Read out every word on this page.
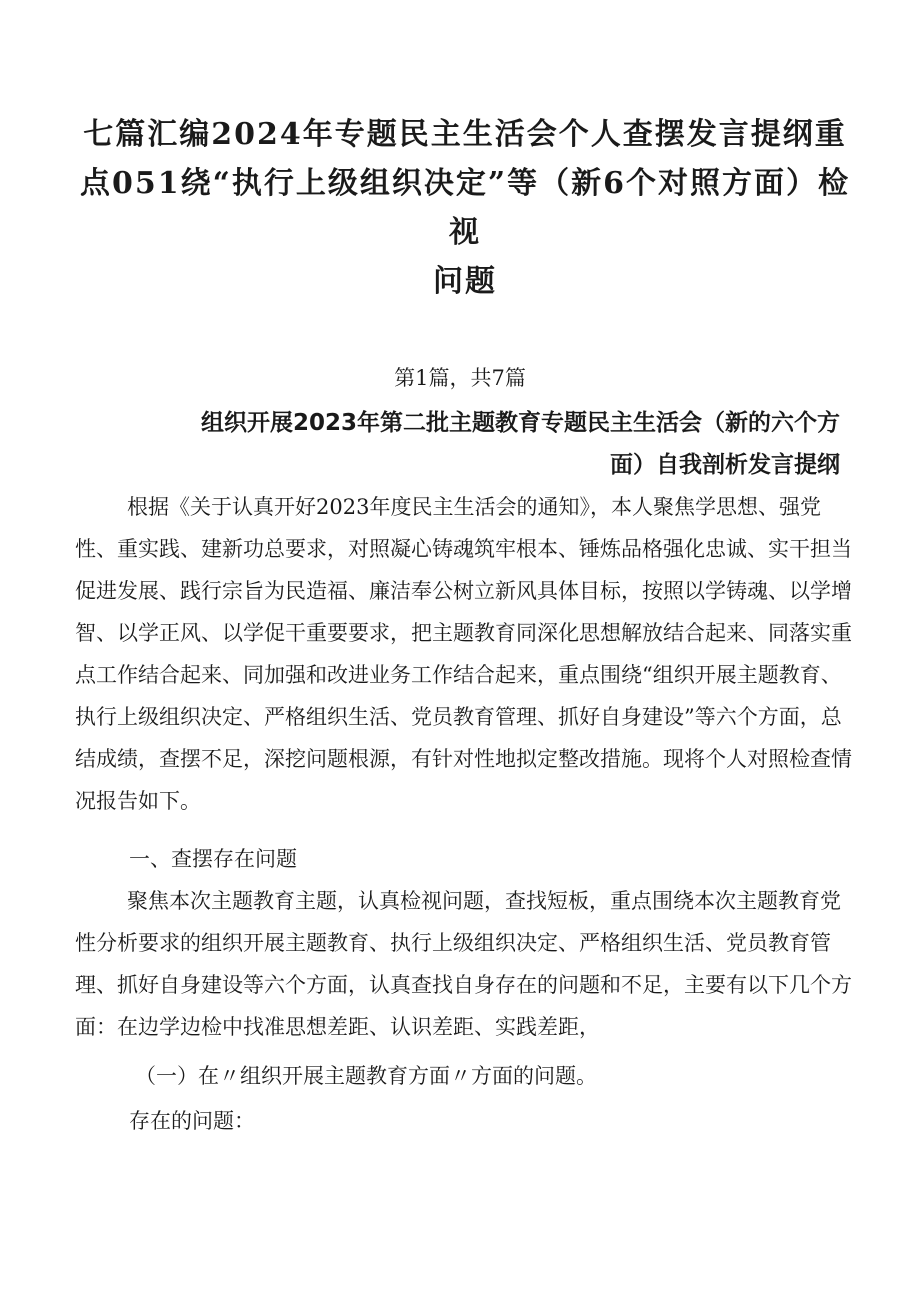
七篇汇编2024年专题民主生活会个人查摆发言提纲重
点051绕“执行上级组织决定”等（新6个对照方面）检
视
问题

第1篇，共7篇

组织开展2023年第二批主题教育专题民主生活会（新的六个方
面）自我剖析发言提纲

根据《关于认真开好2023年度民主生活会的通知》，本人聚焦学思想、强党性、重实践、建新功总要求，对照凝心铸魂筑牢根本、锤炼品格强化忠诚、实干担当促进发展、践行宗旨为民造福、廉洁奉公树立新风具体目标，按照以学铸魂、以学增智、以学正风、以学促干重要要求，把主题教育同深化思想解放结合起来、同落实重点工作结合起来、同加强和改进业务工作结合起来，重点围绕“组织开展主题教育、执行上级组织决定、严格组织生活、党员教育管理、抓好自身建设”等六个方面，总结成绩，查摆不足，深挖问题根源，有针对性地拟定整改措施。现将个人对照检查情况报告如下。

一、查摆存在问题

聚焦本次主题教育主题，认真检视问题，查找短板，重点围绕本次主题教育党性分析要求的组织开展主题教育、执行上级组织决定、严格组织生活、党员教育管理、抓好自身建设等六个方面，认真查找自身存在的问题和不足，主要有以下几个方面：在边学边检中找准思想差距、认识差距、实践差距，

（一）在〃组织开展主题教育方面〃方面的问题。

存在的问题：
